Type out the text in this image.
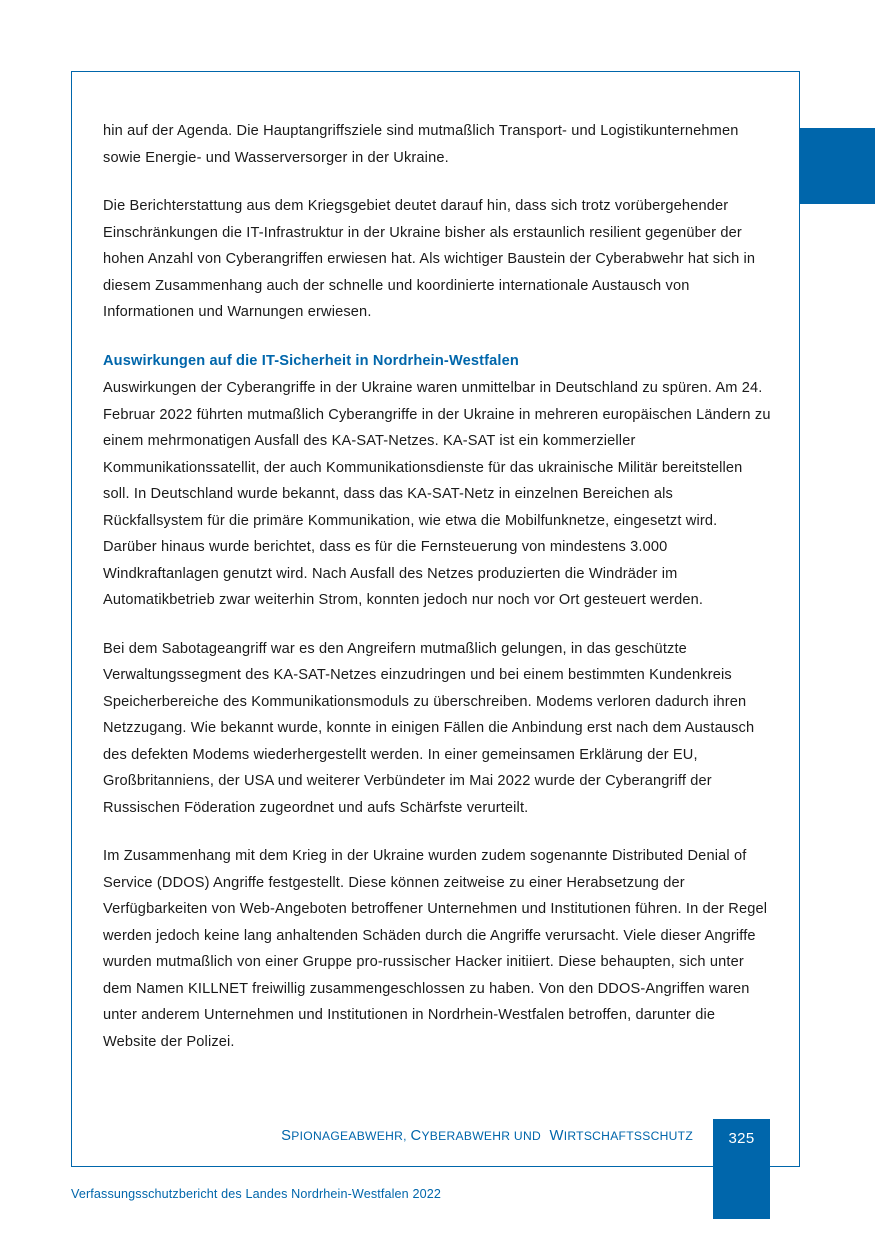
hin auf der Agenda. Die Hauptangriffsziele sind mutmaßlich Transport- und Logistikunternehmen sowie Energie- und Wasserversorger in der Ukraine.

Die Berichterstattung aus dem Kriegsgebiet deutet darauf hin, dass sich trotz vorübergehender Einschränkungen die IT-Infrastruktur in der Ukraine bisher als erstaunlich resilient gegenüber der hohen Anzahl von Cyberangriffen erwiesen hat. Als wichtiger Baustein der Cyberabwehr hat sich in diesem Zusammenhang auch der schnelle und koordinierte internationale Austausch von Informationen und Warnungen erwiesen.

Auswirkungen auf die IT-Sicherheit in Nordrhein-Westfalen

Auswirkungen der Cyberangriffe in der Ukraine waren unmittelbar in Deutschland zu spüren. Am 24. Februar 2022 führten mutmaßlich Cyberangriffe in der Ukraine in mehreren europäischen Ländern zu einem mehrmonatigen Ausfall des KA-SAT-Netzes. KA-SAT ist ein kommerzieller Kommunikationssatellit, der auch Kommunikationsdienste für das ukrainische Militär bereitstellen soll. In Deutschland wurde bekannt, dass das KA-SAT-Netz in einzelnen Bereichen als Rückfallsystem für die primäre Kommunikation, wie etwa die Mobilfunknetze, eingesetzt wird. Darüber hinaus wurde berichtet, dass es für die Fernsteuerung von mindestens 3.000 Windkraftanlagen genutzt wird. Nach Ausfall des Netzes produzierten die Windräder im Automatikbetrieb zwar weiterhin Strom, konnten jedoch nur noch vor Ort gesteuert werden.

Bei dem Sabotageangriff war es den Angreifern mutmaßlich gelungen, in das geschützte Verwaltungssegment des KA-SAT-Netzes einzudringen und bei einem bestimmten Kundenkreis Speicherbereiche des Kommunikationsmoduls zu überschreiben. Modems verloren dadurch ihren Netzzugang. Wie bekannt wurde, konnte in einigen Fällen die Anbindung erst nach dem Austausch des defekten Modems wiederhergestellt werden. In einer gemeinsamen Erklärung der EU, Großbritanniens, der USA und weiterer Verbündeter im Mai 2022 wurde der Cyberangriff der Russischen Föderation zugeordnet und aufs Schärfste verurteilt.

Im Zusammenhang mit dem Krieg in der Ukraine wurden zudem sogenannte Distributed Denial of Service (DDOS) Angriffe festgestellt. Diese können zeitweise zu einer Herabsetzung der Verfügbarkeiten von Web-Angeboten betroffener Unternehmen und Institutionen führen. In der Regel werden jedoch keine lang anhaltenden Schäden durch die Angriffe verursacht. Viele dieser Angriffe wurden mutmaßlich von einer Gruppe pro-russischer Hacker initiiert. Diese behaupten, sich unter dem Namen KILLNET freiwillig zusammengeschlossen zu haben. Von den DDOS-Angriffen waren unter anderem Unternehmen und Institutionen in Nordrhein-Westfalen betroffen, darunter die Website der Polizei.

SPIONAGEABWEHR, CYBERABWEHR UND WIRTSCHAFTSSCHUTZ	325
Verfassungsschutzbericht des Landes Nordrhein-Westfalen 2022
